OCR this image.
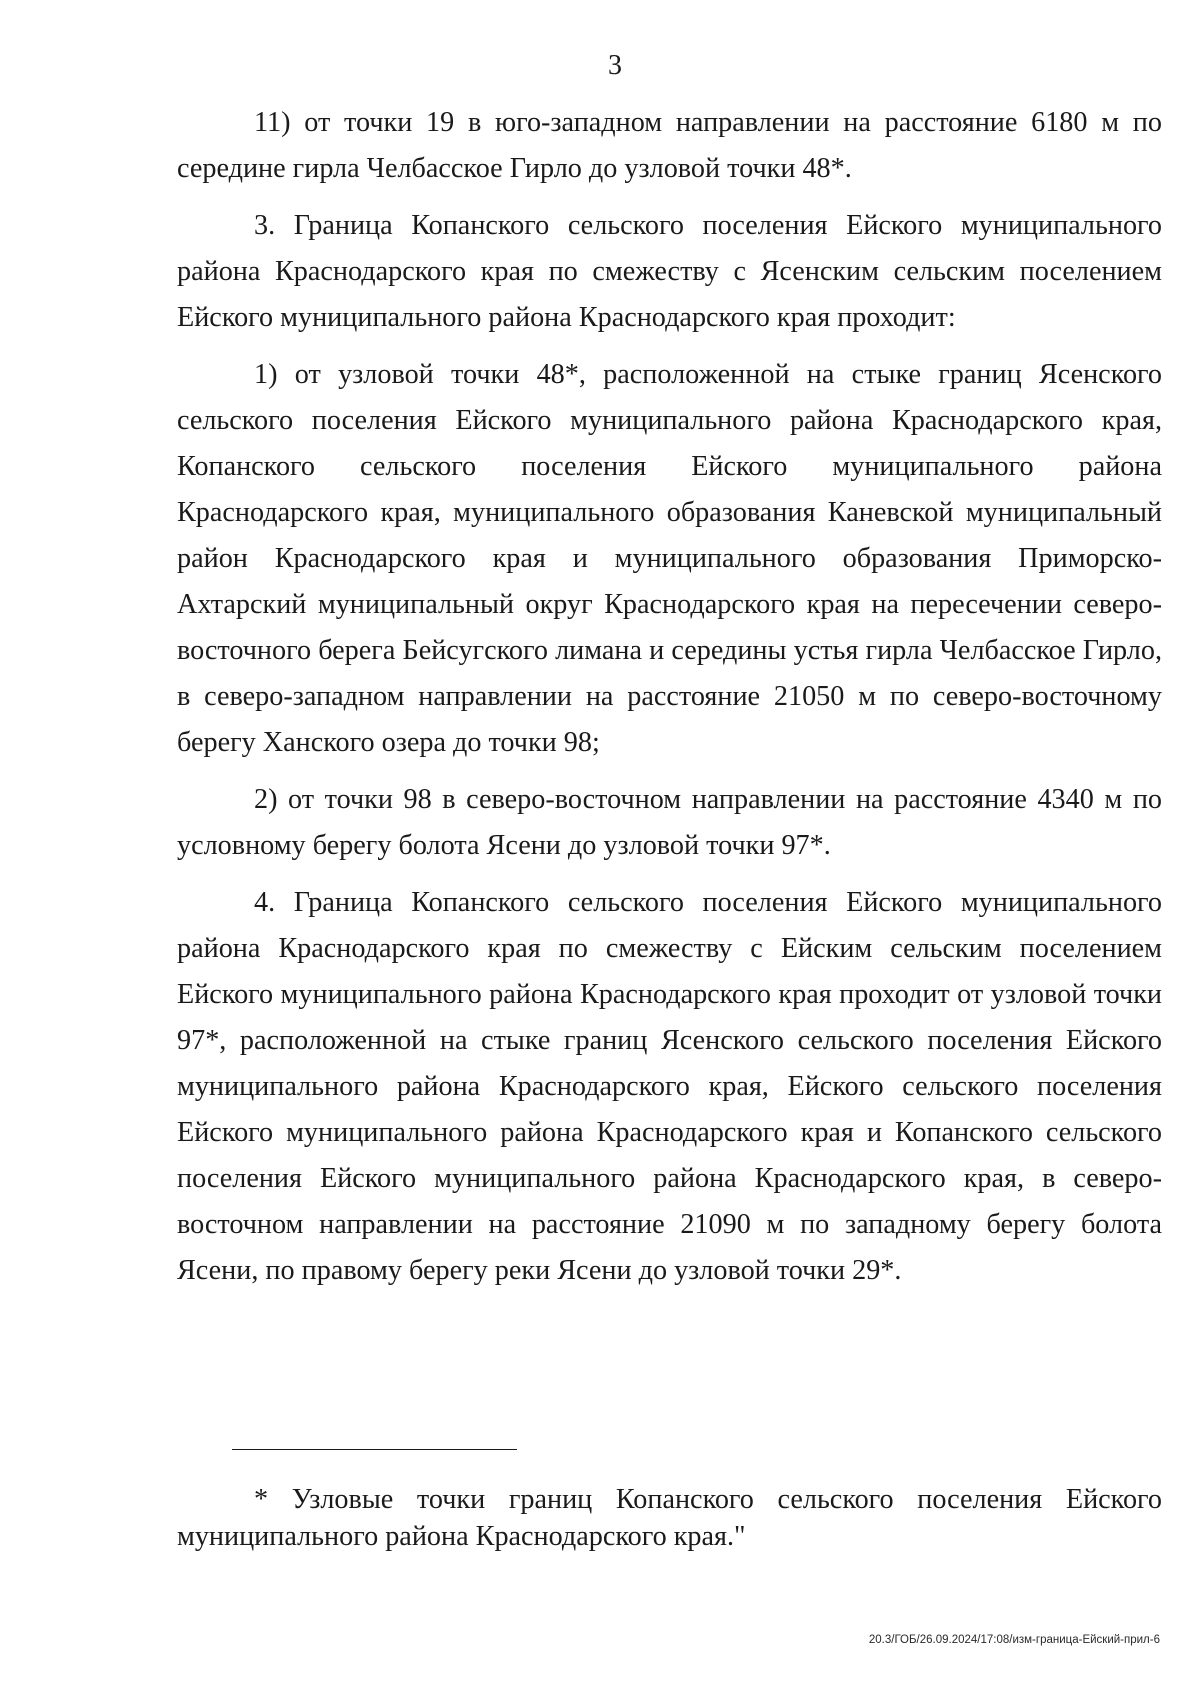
3

11) от точки 19 в юго-западном направлении на расстояние 6180 м по середине гирла Челбасское Гирло до узловой точки 48*.

3. Граница Копанского сельского поселения Ейского муниципального района Краснодарского края по смежеству с Ясенским сельским поселением Ейского муниципального района Краснодарского края проходит:

1) от узловой точки 48*, расположенной на стыке границ Ясенского сельского поселения Ейского муниципального района Краснодарского края, Копанского сельского поселения Ейского муниципального района Краснодарского края, муниципального образования Каневской муниципальный район Краснодарского края и муниципального образования Приморско-Ахтарский муниципальный округ Краснодарского края на пересечении северо-восточного берега Бейсугского лимана и середины устья гирла Челбасское Гирло, в северо-западном направлении на расстояние 21050 м по северо-восточному берегу Ханского озера до точки 98;

2) от точки 98 в северо-восточном направлении на расстояние 4340 м по условному берегу болота Ясени до узловой точки 97*.

4. Граница Копанского сельского поселения Ейского муниципального района Краснодарского края по смежеству с Ейским сельским поселением Ейского муниципального района Краснодарского края проходит от узловой точки 97*, расположенной на стыке границ Ясенского сельского поселения Ейского муниципального района Краснодарского края, Ейского сельского поселения Ейского муниципального района Краснодарского края и Копанского сельского поселения Ейского муниципального района Краснодарского края, в северо-восточном направлении на расстояние 21090 м по западному берегу болота Ясени, по правому берегу реки Ясени до узловой точки 29*.

* Узловые точки границ Копанского сельского поселения Ейского муниципального района Краснодарского края."

20.3/ГОБ/26.09.2024/17:08/изм-граница-Ейский-прил-6
